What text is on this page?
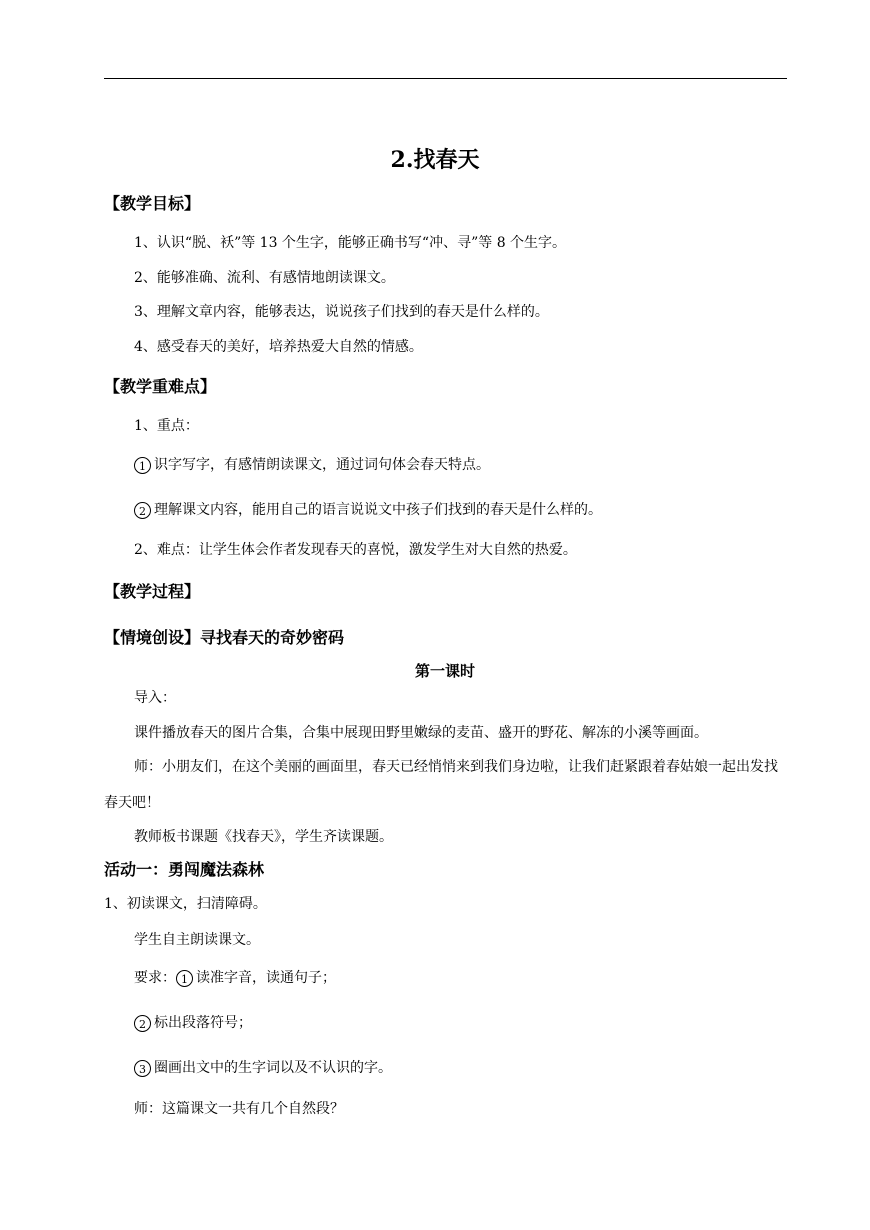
2.找春天
【教学目标】
1、认识“脱、袄”等 13 个生字，能够正确书写“冲、寻”等 8 个生字。
2、能够准确、流利、有感情地朗读课文。
3、理解文章内容，能够表达，说说孩子们找到的春天是什么样的。
4、感受春天的美好，培养热爱大自然的情感。
【教学重难点】
1、重点：
1 识字写字，有感情朗读课文，通过词句体会春天特点。
2 理解课文内容，能用自己的语言说说文中孩子们找到的春天是什么样的。
2、难点：让学生体会作者发现春天的喜悦，激发学生对大自然的热爱。
【教学过程】
【情境创设】寻找春天的奇妙密码
第一课时
导入：
课件播放春天的图片合集，合集中展现田野里嫩绿的麦苗、盛开的野花、解冻的小溪等画面。
师：小朋友们，在这个美丽的画面里，春天已经悄悄来到我们身边啦，让我们赶紧跟着春姑娘一起出发找春天吧！
教师板书课题《找春天》，学生齐读课题。
活动一：勇闯魔法森林
1、初读课文，扫清障碍。
学生自主朗读课文。
要求： 1 读准字音，读通句子；
2 标出段落符号；
3 圈画出文中的生字词以及不认识的字。
师：这篇课文一共有几个自然段？
